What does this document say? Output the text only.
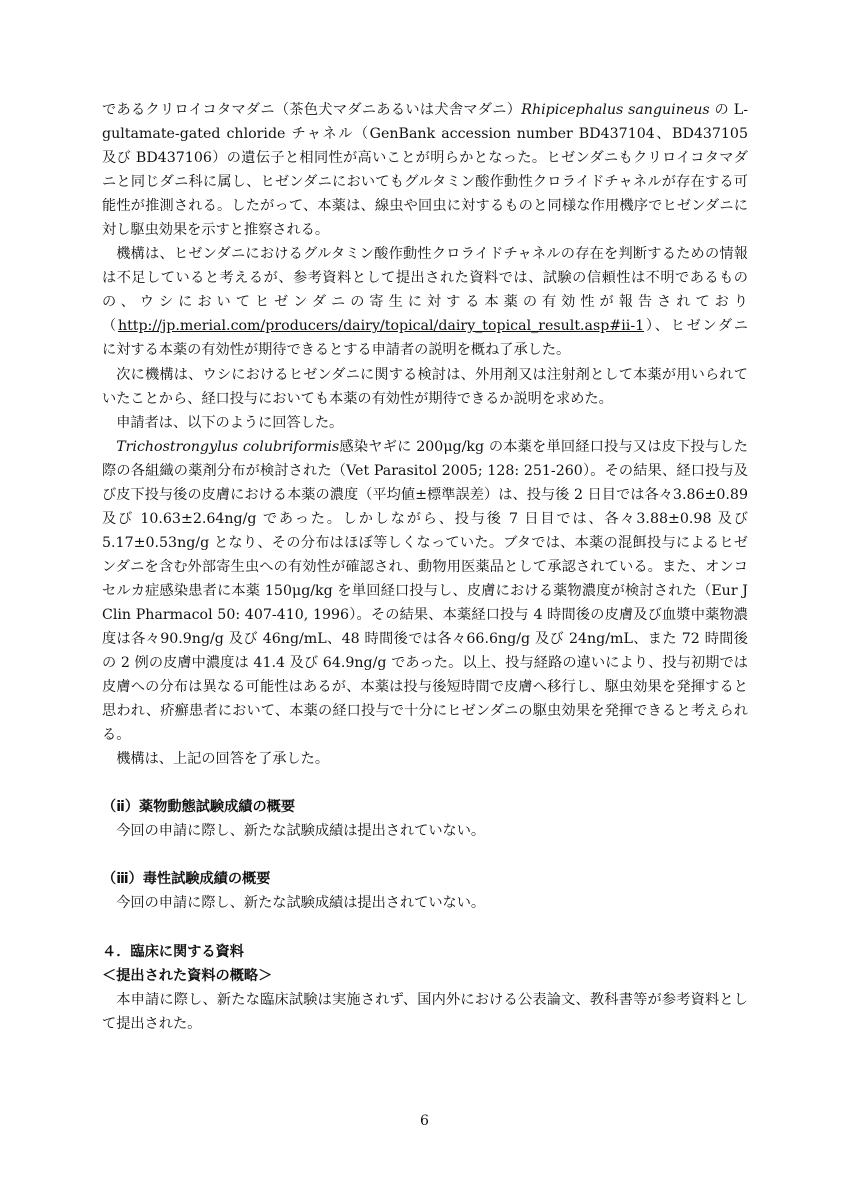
であるクリロイコタマダニ（茶色犬マダニあるいは犬舎マダニ）Rhipicephalus sanguineus の L-gultamate-gated chloride チャネル（GenBank accession number BD437104、BD437105 及び BD437106）の遺伝子と相同性が高いことが明らかとなった。ヒゼンダニもクリロイコタマダニと同じダニ科に属し、ヒゼンダニにおいてもグルタミン酸作動性クロライドチャネルが存在する可能性が推測される。したがって、本薬は、線虫や回虫に対するものと同様な作用機序でヒゼンダニに対し駆虫効果を示すと推察される。

機構は、ヒゼンダニにおけるグルタミン酸作動性クロライドチャネルの存在を判断するための情報は不足していると考えるが、参考資料として提出された資料では、試験の信頼性は不明であるものの、ウシにおいてヒゼンダニの寄生に対する本薬の有効性が報告されており（http://jp.merial.com/producers/dairy/topical/dairy_topical_result.asp#ii-1）、ヒゼンダニに対する本薬の有効性が期待できるとする申請者の説明を概ね了承した。

次に機構は、ウシにおけるヒゼンダニに関する検討は、外用剤又は注射剤として本薬が用いられていたことから、経口投与においても本薬の有効性が期待できるか説明を求めた。

申請者は、以下のように回答した。

Trichostrongylus colubriformis感染ヤギに 200μg/kg の本薬を単回経口投与又は皮下投与した際の各組織の薬剤分布が検討された（Vet Parasitol 2005; 128: 251-260）。その結果、経口投与及び皮下投与後の皮膚における本薬の濃度（平均値±標準誤差）は、投与後 2 日目では各々3.86±0.89 及び 10.63±2.64ng/g であった。しかしながら、投与後 7 日目では、各々3.88±0.98 及び 5.17±0.53ng/g となり、その分布はほぼ等しくなっていた。ブタでは、本薬の混餌投与によるヒゼンダニを含む外部寄生虫への有効性が確認され、動物用医薬品として承認されている。また、オンコセルカ症感染患者に本薬 150μg/kg を単回経口投与し、皮膚における薬物濃度が検討された（Eur J Clin Pharmacol 50: 407-410, 1996）。その結果、本薬経口投与 4 時間後の皮膚及び血漿中薬物濃度は各々90.9ng/g 及び 46ng/mL、48 時間後では各々66.6ng/g 及び 24ng/mL、また 72 時間後の 2 例の皮膚中濃度は 41.4 及び 64.9ng/g であった。以上、投与経路の違いにより、投与初期では皮膚への分布は異なる可能性はあるが、本薬は投与後短時間で皮膚へ移行し、駆虫効果を発揮すると思われ、疥癬患者において、本薬の経口投与で十分にヒゼンダニの駆虫効果を発揮できると考えられる。

機構は、上記の回答を了承した。

（ⅱ）薬物動態試験成績の概要

今回の申請に際し、新たな試験成績は提出されていない。

（ⅲ）毒性試験成績の概要

今回の申請に際し、新たな試験成績は提出されていない。

４．臨床に関する資料

＜提出された資料の概略＞

本申請に際し、新たな臨床試験は実施されず、国内外における公表論文、教科書等が参考資料として提出された。

6
